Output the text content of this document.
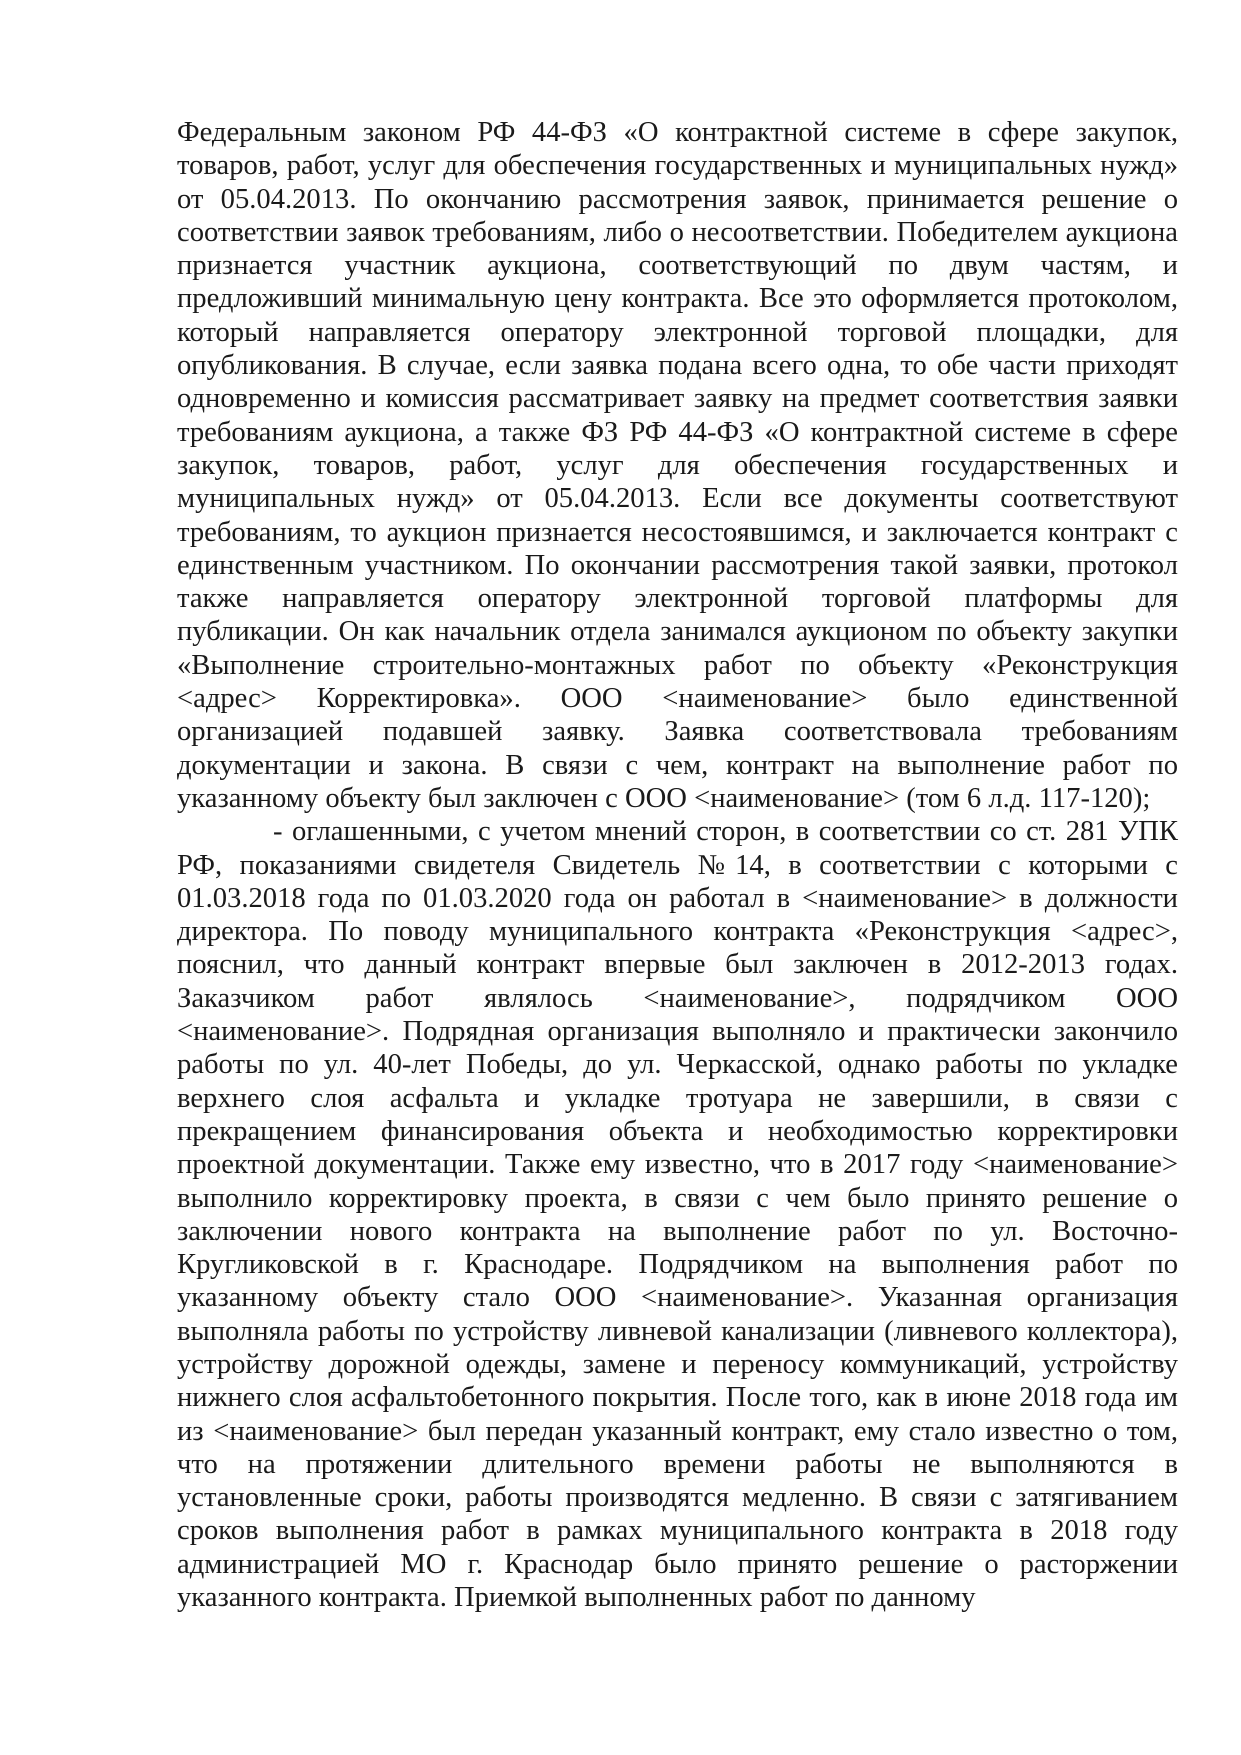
Федеральным законом РФ 44-ФЗ «О контрактной системе в сфере закупок, товаров, работ, услуг для обеспечения государственных и муниципальных нужд» от 05.04.2013. По окончанию рассмотрения заявок, принимается решение о соответствии заявок требованиям, либо о несоответствии. Победителем аукциона признается участник аукциона, соответствующий по двум частям, и предложивший минимальную цену контракта. Все это оформляется протоколом, который направляется оператору электронной торговой площадки, для опубликования. В случае, если заявка подана всего одна, то обе части приходят одновременно и комиссия рассматривает заявку на предмет соответствия заявки требованиям аукциона, а также ФЗ РФ 44-ФЗ «О контрактной системе в сфере закупок, товаров, работ, услуг для обеспечения государственных и муниципальных нужд» от 05.04.2013. Если все документы соответствуют требованиям, то аукцион признается несостоявшимся, и заключается контракт с единственным участником. По окончании рассмотрения такой заявки, протокол также направляется оператору электронной торговой платформы для публикации. Он как начальник отдела занимался аукционом по объекту закупки «Выполнение строительно-монтажных работ по объекту «Реконструкция <адрес> Корректировка». ООО <наименование> было единственной организацией подавшей заявку. Заявка соответствовала требованиям документации и закона. В связи с чем, контракт на выполнение работ по указанному объекту был заключен с ООО <наименование> (том 6 л.д. 117-120);

- оглашенными, с учетом мнений сторон, в соответствии со ст. 281 УПК РФ, показаниями свидетеля Свидетель №14, в соответствии с которыми с 01.03.2018 года по 01.03.2020 года он работал в <наименование> в должности директора. По поводу муниципального контракта «Реконструкция <адрес>, пояснил, что данный контракт впервые был заключен в 2012-2013 годах. Заказчиком работ являлось <наименование>, подрядчиком ООО <наименование>. Подрядная организация выполняло и практически закончило работы по ул. 40-лет Победы, до ул. Черкасской, однако работы по укладке верхнего слоя асфальта и укладке тротуара не завершили, в связи с прекращением финансирования объекта и необходимостью корректировки проектной документации. Также ему известно, что в 2017 году <наименование> выполнило корректировку проекта, в связи с чем было принято решение о заключении нового контракта на выполнение работ по ул. Восточно-Кругликовской в г. Краснодаре. Подрядчиком на выполнения работ по указанному объекту стало ООО <наименование>. Указанная организация выполняла работы по устройству ливневой канализации (ливневого коллектора), устройству дорожной одежды, замене и переносу коммуникаций, устройству нижнего слоя асфальтобетонного покрытия. После того, как в июне 2018 года им из <наименование> был передан указанный контракт, ему стало известно о том, что на протяжении длительного времени работы не выполняются в установленные сроки, работы производятся медленно. В связи с затягиванием сроков выполнения работ в рамках муниципального контракта в 2018 году администрацией МО г. Краснодар было принято решение о расторжении указанного контракта. Приемкой выполненных работ по данному
